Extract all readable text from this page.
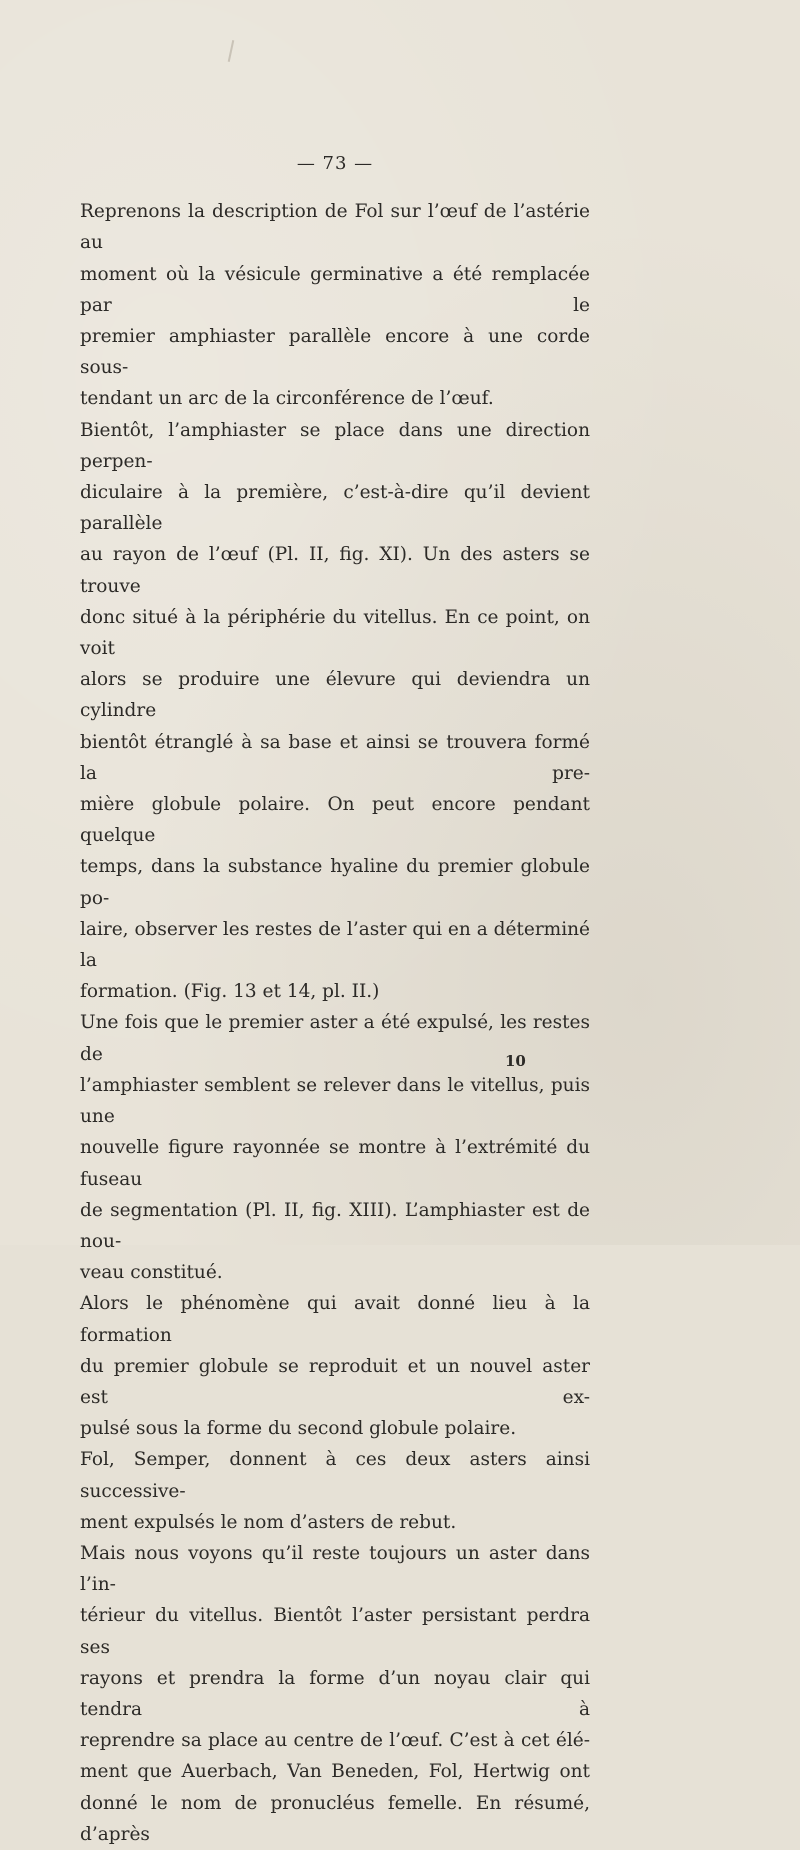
— 73 —

Reprenons la description de Fol sur l’œuf de l’astérie au

moment où la vésicule germinative a été remplacée par le

premier amphiaster parallèle encore à une corde sous-

tendant un arc de la circonférence de l’œuf.

Bientôt, l’amphiaster se place dans une direction perpen-

diculaire à la première, c’est-à-dire qu’il devient parallèle

au rayon de l’œuf (Pl. II, fig. XI). Un des asters se trouve

donc situé à la périphérie du vitellus. En ce point, on voit

alors se produire une élevure qui deviendra un cylindre

bientôt étranglé à sa base et ainsi se trouvera formé la pre-

mière globule polaire. On peut encore pendant quelque

temps, dans la substance hyaline du premier globule po-

laire, observer les restes de l’aster qui en a déterminé la

formation. (Fig. 13 et 14, pl. II.)

Une fois que le premier aster a été expulsé, les restes de

l’amphiaster semblent se relever dans le vitellus, puis une

nouvelle figure rayonnée se montre à l’extrémité du fuseau

de segmentation (Pl. II, fig. XIII). L’amphiaster est de nou-

veau constitué.

Alors le phénomène qui avait donné lieu à la formation

du premier globule se reproduit et un nouvel aster est ex-

pulsé sous la forme du second globule polaire.

Fol, Semper, donnent à ces deux asters ainsi successive-

ment expulsés le nom d’asters de rebut.

Mais nous voyons qu’il reste toujours un aster dans l’in-

térieur du vitellus. Bientôt l’aster persistant perdra ses

rayons et prendra la forme d’un noyau clair qui tendra à

reprendre sa place au centre de l’œuf. C’est à cet élé-

ment que Auerbach, Van Beneden, Fol, Hertwig ont

donné le nom de pronucléus femelle. En résumé, d’après

10
